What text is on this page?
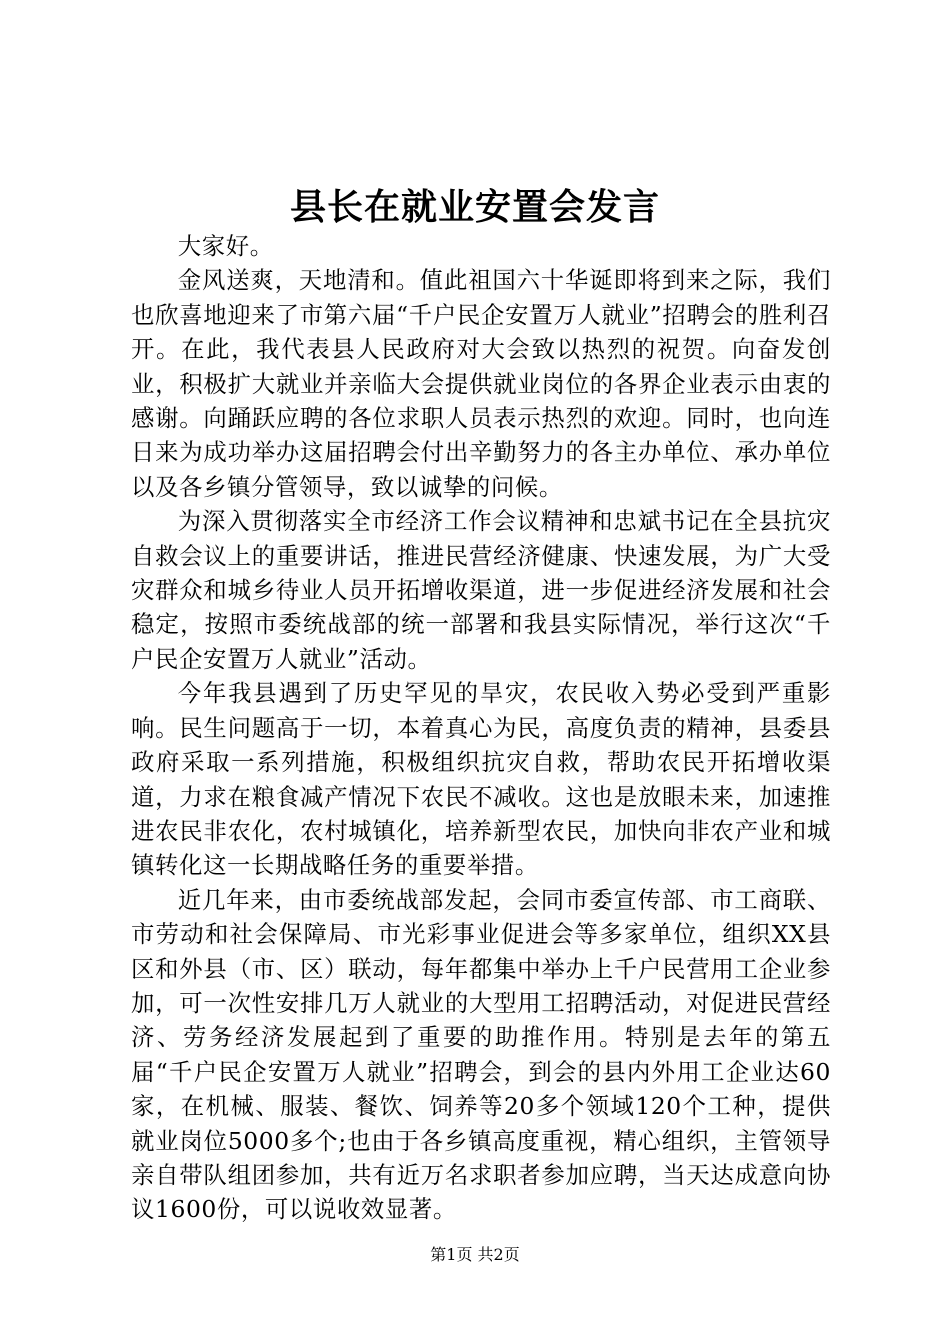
县长在就业安置会发言

大家好。

金风送爽，天地清和。值此祖国六十华诞即将到来之际，我们也欣喜地迎来了市第六届“千户民企安置万人就业”招聘会的胜利召开。在此，我代表县人民政府对大会致以热烈的祝贺。向奋发创业，积极扩大就业并亲临大会提供就业岗位的各界企业表示由衷的感谢。向踊跃应聘的各位求职人员表示热烈的欢迎。同时，也向连日来为成功举办这届招聘会付出辛勤努力的各主办单位、承办单位以及各乡镇分管领导，致以诚挚的问候。

为深入贯彻落实全市经济工作会议精神和忠斌书记在全县抗灾自救会议上的重要讲话，推进民营经济健康、快速发展，为广大受灾群众和城乡待业人员开拓增收渠道，进一步促进经济发展和社会稳定，按照市委统战部的统一部署和我县实际情况，举行这次“千户民企安置万人就业”活动。

今年我县遇到了历史罕见的旱灾，农民收入势必受到严重影响。民生问题高于一切，本着真心为民，高度负责的精神，县委县政府采取一系列措施，积极组织抗灾自救，帮助农民开拓增收渠道，力求在粮食减产情况下农民不减收。这也是放眼未来，加速推进农民非农化，农村城镇化，培养新型农民，加快向非农产业和城镇转化这一长期战略任务的重要举措。

近几年来，由市委统战部发起，会同市委宣传部、市工商联、市劳动和社会保障局、市光彩事业促进会等多家单位，组织XX县区和外县（市、区）联动，每年都集中举办上千户民营用工企业参加，可一次性安排几万人就业的大型用工招聘活动，对促进民营经济、劳务经济发展起到了重要的助推作用。特别是去年的第五届“千户民企安置万人就业”招聘会，到会的县内外用工企业达60家，在机械、服装、餐饮、饲养等20多个领域120个工种，提供就业岗位5000多个;也由于各乡镇高度重视，精心组织，主管领导亲自带队组团参加，共有近万名求职者参加应聘，当天达成意向协议1600份，可以说收效显著。

第1页 共2页
